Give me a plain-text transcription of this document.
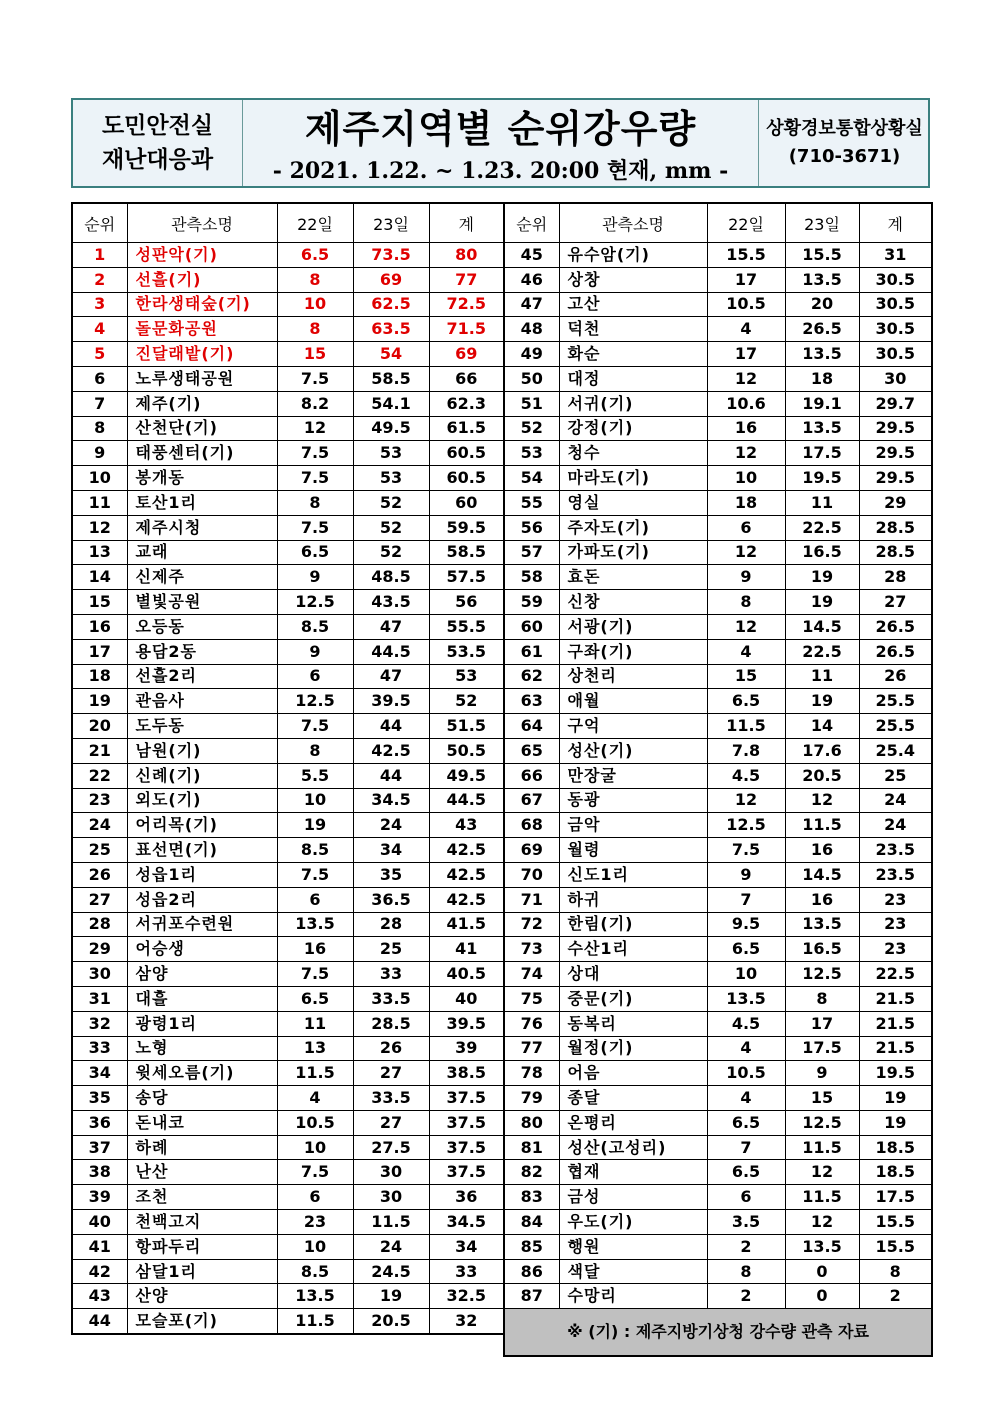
도민안전실
재난대응과
제주지역별 순위강우량
- 2021. 1.22. ~ 1.23. 20:00 현재, mm -
상황경보통합상황실
(710-3671)
순위	관측소명	22일	23일	계
1	성판악(기)	6.5	73.5	80
2	선흘(기)	8	69	77
3	한라생태숲(기)	10	62.5	72.5
4	돌문화공원	8	63.5	71.5
5	진달래밭(기)	15	54	69
6	노루생태공원	7.5	58.5	66
7	제주(기)	8.2	54.1	62.3
8	산천단(기)	12	49.5	61.5
9	태풍센터(기)	7.5	53	60.5
10	봉개동	7.5	53	60.5
11	토산1리	8	52	60
12	제주시청	7.5	52	59.5
13	교래	6.5	52	58.5
14	신제주	9	48.5	57.5
15	별빛공원	12.5	43.5	56
16	오등동	8.5	47	55.5
17	용담2동	9	44.5	53.5
18	선흘2리	6	47	53
19	관음사	12.5	39.5	52
20	도두동	7.5	44	51.5
21	남원(기)	8	42.5	50.5
22	신례(기)	5.5	44	49.5
23	외도(기)	10	34.5	44.5
24	어리목(기)	19	24	43
25	표선면(기)	8.5	34	42.5
26	성읍1리	7.5	35	42.5
27	성읍2리	6	36.5	42.5
28	서귀포수련원	13.5	28	41.5
29	어승생	16	25	41
30	삼양	7.5	33	40.5
31	대흘	6.5	33.5	40
32	광령1리	11	28.5	39.5
33	노형	13	26	39
34	윗세오름(기)	11.5	27	38.5
35	송당	4	33.5	37.5
36	돈내코	10.5	27	37.5
37	하례	10	27.5	37.5
38	난산	7.5	30	37.5
39	조천	6	30	36
40	천백고지	23	11.5	34.5
41	항파두리	10	24	34
42	삼달1리	8.5	24.5	33
43	산양	13.5	19	32.5
44	모슬포(기)	11.5	20.5	32
순위	관측소명	22일	23일	계
45	유수암(기)	15.5	15.5	31
46	상창	17	13.5	30.5
47	고산	10.5	20	30.5
48	덕천	4	26.5	30.5
49	화순	17	13.5	30.5
50	대정	12	18	30
51	서귀(기)	10.6	19.1	29.7
52	강정(기)	16	13.5	29.5
53	청수	12	17.5	29.5
54	마라도(기)	10	19.5	29.5
55	영실	18	11	29
56	주자도(기)	6	22.5	28.5
57	가파도(기)	12	16.5	28.5
58	효돈	9	19	28
59	신창	8	19	27
60	서광(기)	12	14.5	26.5
61	구좌(기)	4	22.5	26.5
62	상천리	15	11	26
63	애월	6.5	19	25.5
64	구억	11.5	14	25.5
65	성산(기)	7.8	17.6	25.4
66	만장굴	4.5	20.5	25
67	동광	12	12	24
68	금악	12.5	11.5	24
69	월령	7.5	16	23.5
70	신도1리	9	14.5	23.5
71	하귀	7	16	23
72	한림(기)	9.5	13.5	23
73	수산1리	6.5	16.5	23
74	상대	10	12.5	22.5
75	중문(기)	13.5	8	21.5
76	동복리	4.5	17	21.5
77	월정(기)	4	17.5	21.5
78	어음	10.5	9	19.5
79	종달	4	15	19
80	온평리	6.5	12.5	19
81	성산(고성리)	7	11.5	18.5
82	협재	6.5	12	18.5
83	금성	6	11.5	17.5
84	우도(기)	3.5	12	15.5
85	행원	2	13.5	15.5
86	색달	8	0	8
87	수망리	2	0	2
※ (기) : 제주지방기상청 강수량 관측 자료				
